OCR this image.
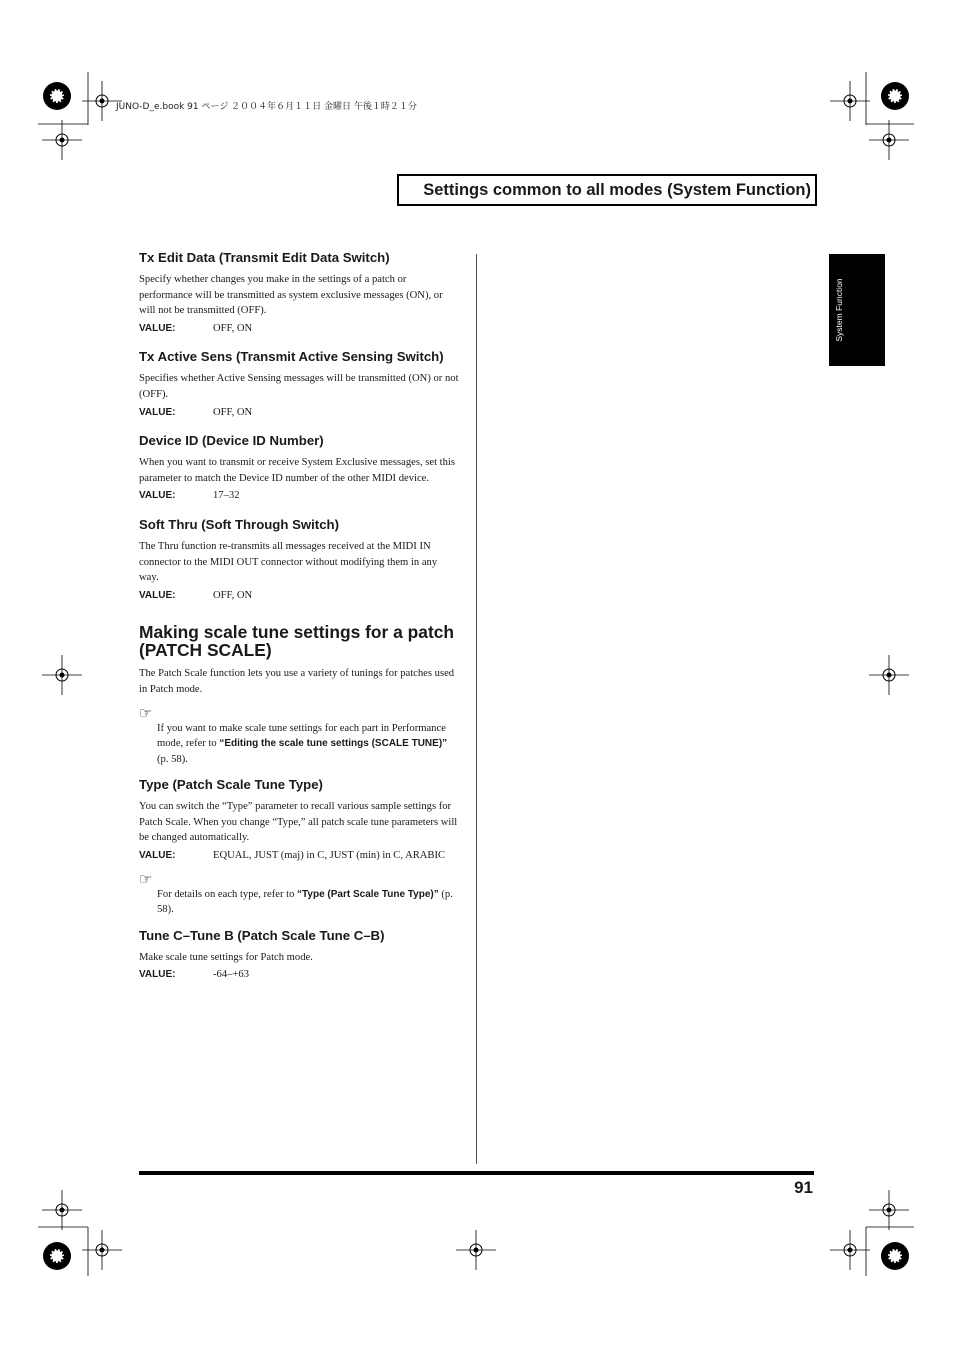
JUNO-D_e.book 91 ページ ２００４年６月１１日 金曜日 午後１時２１分
Settings common to all modes (System Function)
System Function
Tx Edit Data (Transmit Edit Data Switch)

Specify whether changes you make in the settings of a patch or performance will be transmitted as system exclusive messages (ON), or will not be transmitted (OFF).

VALUE:	OFF, ON
Tx Active Sens (Transmit Active Sensing Switch)

Specifies whether Active Sensing messages will be transmitted (ON) or not (OFF).

VALUE:	OFF, ON
Device ID (Device ID Number)

When you want to transmit or receive System Exclusive messages, set this parameter to match the Device ID number of the other MIDI device.

VALUE:	17–32
Soft Thru (Soft Through Switch)

The Thru function re-transmits all messages received at the MIDI IN connector to the MIDI OUT connector without modifying them in any way.

VALUE:	OFF, ON
Making scale tune settings for a patch (PATCH SCALE)

The Patch Scale function lets you use a variety of tunings for patches used in Patch mode.

☞
If you want to make scale tune settings for each part in Performance mode, refer to “Editing the scale tune settings (SCALE TUNE)” (p. 58).
Type (Patch Scale Tune Type)

You can switch the “Type” parameter to recall various sample settings for Patch Scale. When you change “Type,” all patch scale tune parameters will be changed automatically.

VALUE:	EQUAL, JUST (maj) in C, JUST (min) in C, ARABIC
☞
For details on each type, refer to “Type (Part Scale Tune Type)” (p. 58).
Tune C–Tune B (Patch Scale Tune C–B)

Make scale tune settings for Patch mode.

VALUE:	-64–+63
91
